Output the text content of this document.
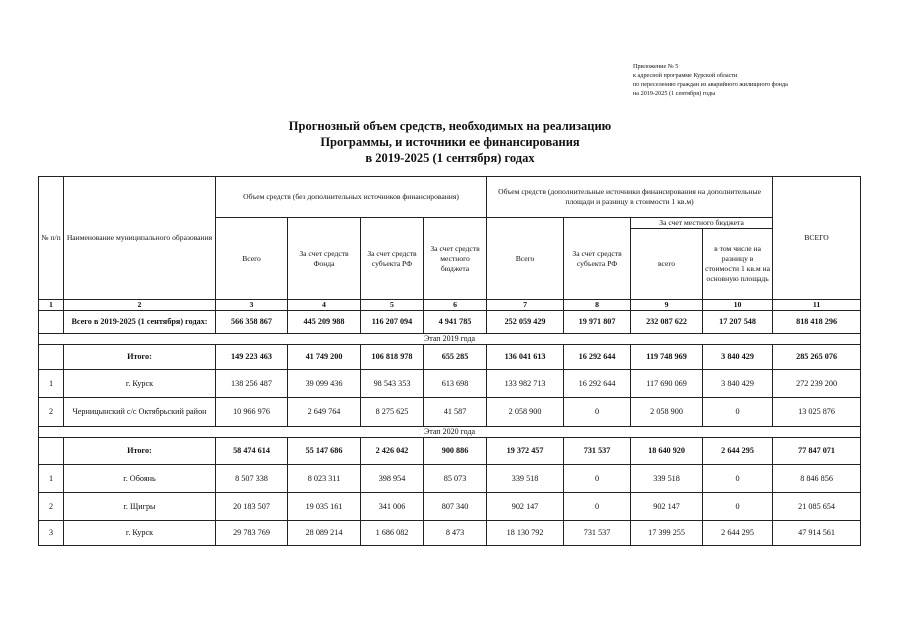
Приложение № 5
к адресной программе Курской области
по переселению граждан из аварийного жилищного фонда
на 2019-2025 (1 сентября) годы
Прогнозный объем средств, необходимых на реализацию
Программы, и источники ее финансирования
в 2019-2025 (1 сентября) годах
№ п/п	Наименование муниципального образования	Объем средств (без дополнительных источников финансирования)				Объем средств (дополнительные источники финансирования на дополнительные площади и разницу в стоимости 1 кв.м)				ВСЕГО
		Всего	За счет средств Фонда	За счет средств субъекта РФ	За счет средств местного бюджета	Всего	За счет средств субъекта РФ	За счет местного бюджета		
								всего	в том числе на разницу в стоимости 1 кв.м на основную площадь	
1	2	3	4	5	6	7	8	9	10	11
	Всего в 2019-2025 (1 сентября) годах:	566 358 867	445 209 988	116 207 094	4 941 785	252 059 429	19 971 807	232 087 622	17 207 548	818 418 296
Этап 2019 года										
	Итого:	149 223 463	41 749 200	106 818 978	655 285	136 041 613	16 292 644	119 748 969	3 840 429	285 265 076
1	г. Курск	138 256 487	39 099 436	98 543 353	613 698	133 982 713	16 292 644	117 690 069	3 840 429	272 239 200
2	Черницынский с/с Октябрьский район	10 966 976	2 649 764	8 275 625	41 587	2 058 900	0	2 058 900	0	13 025 876
Этап 2020 года										
	Итого:	58 474 614	55 147 686	2 426 042	900 886	19 372 457	731 537	18 640 920	2 644 295	77 847 071
1	г. Обоянь	8 507 338	8 023 311	398 954	85 073	339 518	0	339 518	0	8 846 856
2	г. Щигры	20 183 507	19 035 161	341 006	807 340	902 147	0	902 147	0	21 085 654
3	г. Курск	29 783 769	28 089 214	1 686 082	8 473	18 130 792	731 537	17 399 255	2 644 295	47 914 561
